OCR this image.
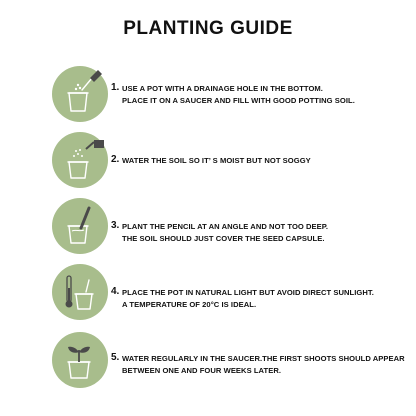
PLANTING GUIDE
1. USE A POT WITH A DRAINAGE HOLE IN THE BOTTOM.
PLACE IT ON A SAUCER AND FILL WITH GOOD POTTING SOIL.
2. WATER THE SOIL SO IT’ S MOIST BUT NOT SOGGY
3. PLANT THE PENCIL AT AN ANGLE AND NOT TOO DEEP.
THE SOIL SHOULD JUST COVER THE SEED CAPSULE.
4. PLACE THE POT IN NATURAL LIGHT BUT AVOID DIRECT SUNLIGHT.
A TEMPERATURE OF 20°C IS IDEAL.
5. WATER REGULARLY IN THE SAUCER.THE FIRST SHOOTS SHOULD APPEAR
BETWEEN ONE AND FOUR WEEKS LATER.
